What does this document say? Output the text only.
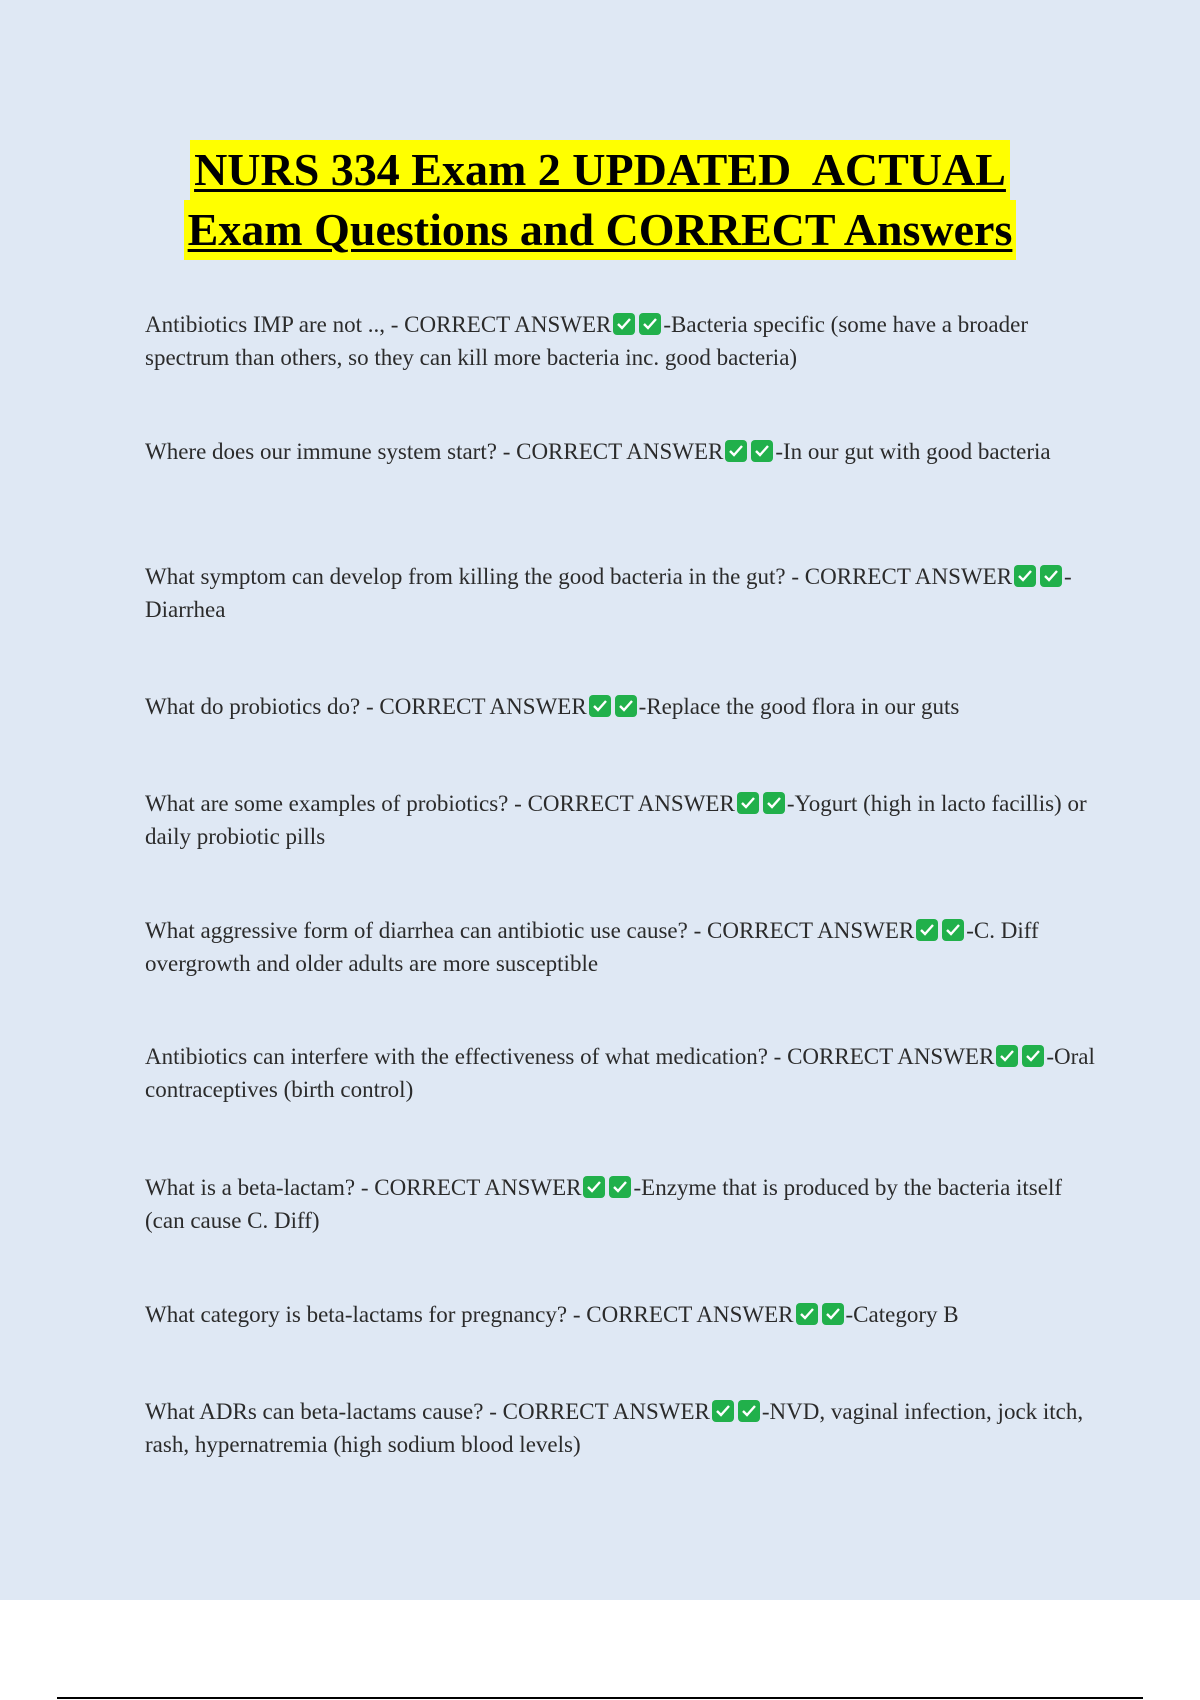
NURS 334 Exam 2 UPDATED  ACTUAL
Exam Questions and CORRECT Answers

Antibiotics IMP are not .., - CORRECT ANSWER -Bacteria specific (some have a broader spectrum than others, so they can kill more bacteria inc. good bacteria)

Where does our immune system start? - CORRECT ANSWER -In our gut with good bacteria

What symptom can develop from killing the good bacteria in the gut? - CORRECT ANSWER -Diarrhea

What do probiotics do? - CORRECT ANSWER -Replace the good flora in our guts

What are some examples of probiotics? - CORRECT ANSWER -Yogurt (high in lacto facillis) or daily probiotic pills

What aggressive form of diarrhea can antibiotic use cause? - CORRECT ANSWER -C. Diff overgrowth and older adults are more susceptible

Antibiotics can interfere with the effectiveness of what medication? - CORRECT ANSWER -Oral contraceptives (birth control)

What is a beta-lactam? - CORRECT ANSWER -Enzyme that is produced by the bacteria itself (can cause C. Diff)

What category is beta-lactams for pregnancy? - CORRECT ANSWER -Category B

What ADRs can beta-lactams cause? - CORRECT ANSWER -NVD, vaginal infection, jock itch, rash, hypernatremia (high sodium blood levels)
